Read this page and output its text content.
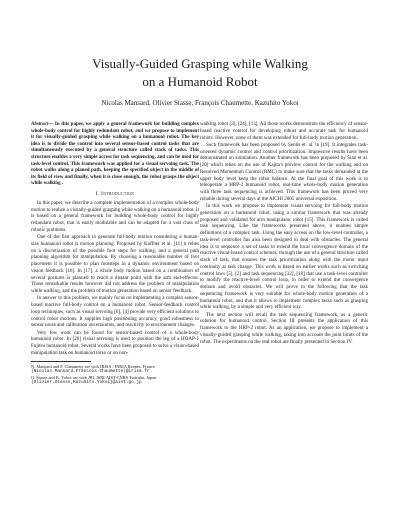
Visually-Guided Grasping while Walking
on a Humanoid Robot
Nicolas Mansard, Olivier Stasse, François Chaumette, Kazuhito Yokoi

Abstract— In this paper, we apply a general framework for building complex whole-body control for highly redundant robot, and we propose to implement it for visually-guided grasping while walking on a humanoid robot. The key idea is to divide the control into several sensor-based control tasks that are simultaneously executed by a general structure called stack of tasks. This structure enables a very simple access for task sequencing, and can be used for task-level control. This framework was applied for a visual servoing task. The robot walks along a planed path, keeping the specified object in the middle of its field of view and finally, when it is close enough, the robot grasps the object while walking .

I. Introduction

In this paper, we describe a complete implementation of a complex whole-body motion to realize a visually-guided grasping while walking on a humanoid robot. It is based on a general framework for building whole-body control for highly redundant robot, that is easily modulable and can be adapted for a vast class of robotic problems.

One of the first approach to generate full-body motion considering a human-size humanoid robot is motion planning. Proposed by Kuffner et al. [11] it relies on a discretization of the possible foot steps for walking, and a general path planning algorithm for manipulation. By choosing a reasonable number of foot placement it is possible to plan footsteps in a dynamic environment based on vision feedback [16]. In [17], a whole body motion based on a combination of several postures is planned to reach a distant point with the arm end-effector. Those remarkable results however did not address the problem of manipulation while walking, and the problem of motion generation based on sensor feedback.

In answer to this problem, we mainly focus on implementing a complex sensor-based reactive full-body control on a humanoid robot. Sensor-feedback control loop techniques, such as visual servoing [6], [4] provide very efficient solutions to control robot motions. It supplies high positioning accuracy, good robustness to sensor noise and calibration uncertainties, and reactivity to environment changes.

Very few work can be found for sensor-based control of a whole-body humanoid robot. In [26] visual servoing is used to position the leg of a HOAP-1 Fujitsu humanoid robot. Several works have been proposed to solve a vision-based manipulation task on humanoid torso or on non-

N. Mansard and F. Chaumette are with IRISA / INRIA Rennes, France
{Nicolas.Mansard,Francois.Chaumette}@irisa.fr
O. Stasse and K. Yokoi are with JRL ISRI/AIST-CNRS Tsukuba, Japan
{Olivier.Stasse,Kazuhito.Yokoi}@aist.go.jp

walking robot [3], [24], [13]. All those works demonstrate the efficiency of sensor-based reactive control for developing robust and accurate task for humanoid robots. However, none of them was extended for full-body motion generation.

Such framework has been proposed by Sentis et. al. in [19]. It integrates task-oriented dynamic control and control prioritization. Impressive results have been demonstrated on simulation. Another framework has been proposed by Sian et al. [20] which relies on the use of Kajita's preview control for the walking and on Resolved Momentum Control (RMC) to make sure that the tasks demanded at the upper body level keep the robot balance. At the final goal of this work is to teleoperate a HRP-2 humanoid robot, real-time whole-body motion generation with three task sequencing is achieved. This framework has been proved very reliable during several days at the AICHI 2005 universal exposition.

In this work we propose to implement visual servoing for full-body motion generation on a humanoid robot, using a similar framework that was already proposed and validated for arm manipulator robot [15]. This framework is called task sequencing. Like the frameworks presented above, it enables simple definitions of a complex task. Using the easy access on the low-level controller, a task-level controller has also been designed to deal with obstacles. The general idea is to sequence a set of tasks to extend the local convergence domain of the reactive visual-based control schemes, through the use of a general structure called stack of task, that ensures the task prioritization along with the motor input continuity at task change. This work is based on earlier works such as switching control laws [5], [2] and task sequencing [22], [18] that use a task-level controller to modify the reactive-level control loop, in order to extend the convergence domain and avoid obstacles. We will prove in the following that the task sequencing framework is very suitable for whole-body motion generation of a humanoid robot, and that it allows to implement complex tasks such as grasping while walking, by a simple and very efficient way.

The next section will recall the task sequencing framework, as a generic solution for humanoid control. Section III presents the application of this framework to the HRP-2 robot. As an application, we propose to implement a visually-guided grasping while walking, taking into account the joint limits of the robot. The experiments on the real robot are finally presented in Section IV.
